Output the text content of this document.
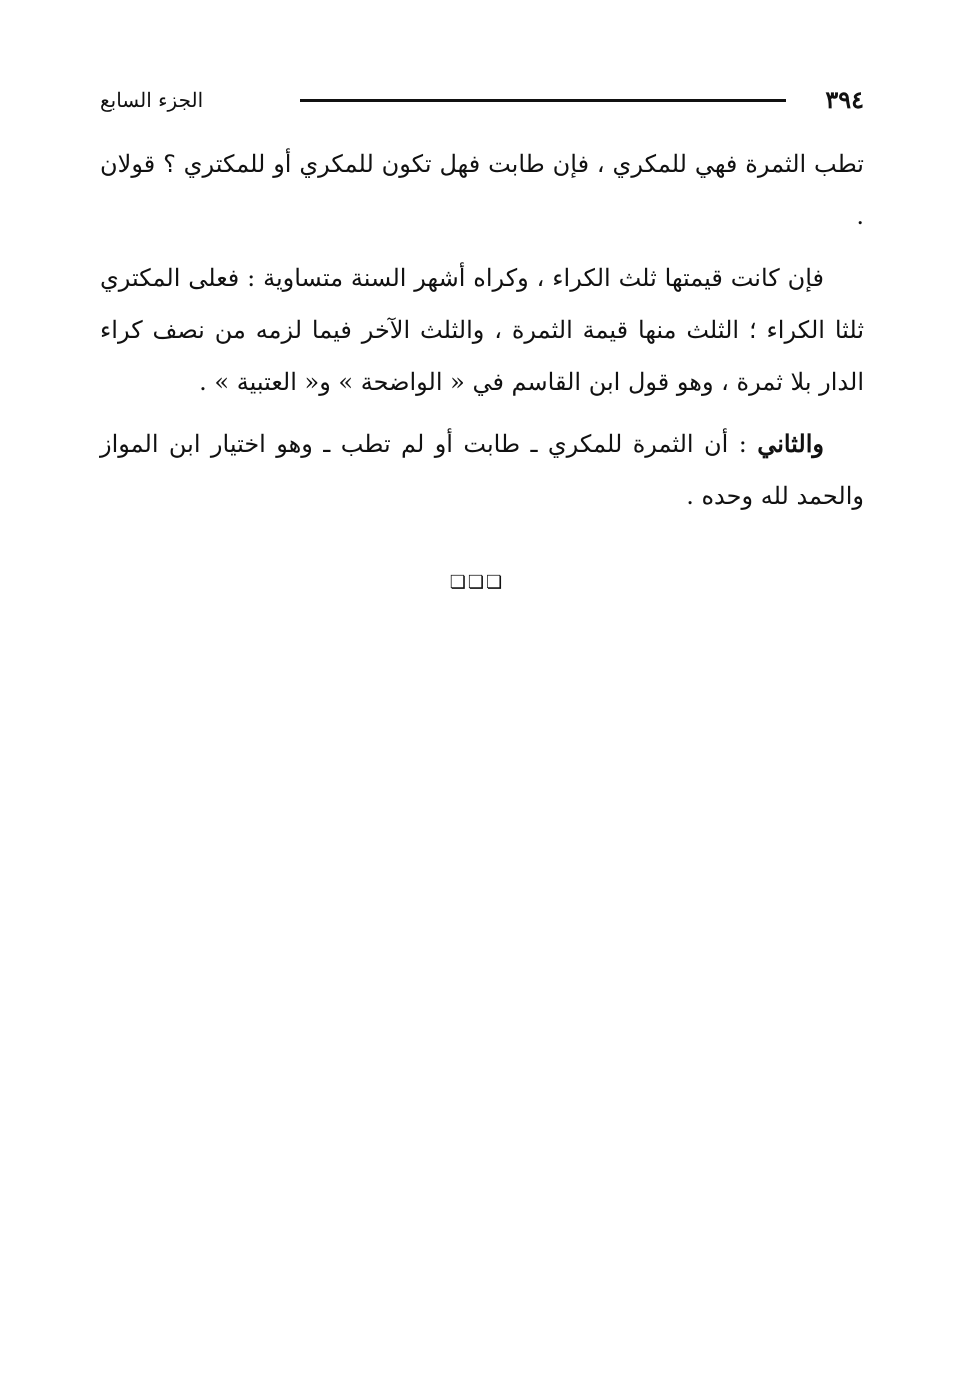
٣٩٤
الجزء السابع

تطب الثمرة فهي للمكري ، فإن طابت فهل تكون للمكري أو للمكتري ؟ قولان .

فإن كانت قيمتها ثلث الكراء ، وكراه أشهر السنة متساوية : فعلى المكتري ثلثا الكراء ؛ الثلث منها قيمة الثمرة ، والثلث الآخر فيما لزمه من نصف كراء الدار بلا ثمرة ، وهو قول ابن القاسم في « الواضحة » و« العتبية » .

والثاني : أن الثمرة للمكري ـ طابت أو لم تطب ـ وهو اختيار ابن المواز والحمد لله وحده .

❏❏❏
